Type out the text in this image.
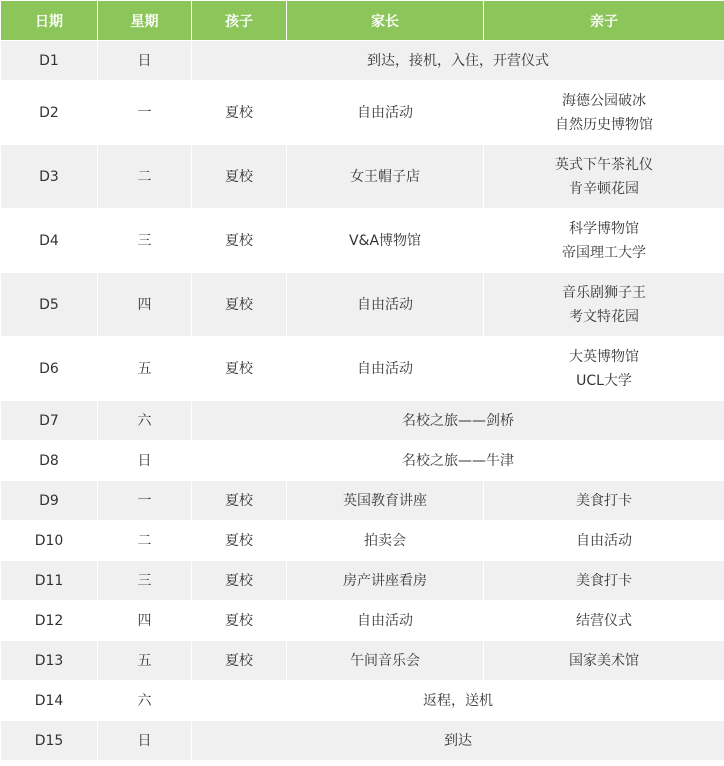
日期	星期	孩子	家长	亲子
D1	日	到达，接机，入住，开营仪式		
D2	一	夏校	自由活动	海德公园破冰
自然历史博物馆

D3	二	夏校	女王帽子店	英式下午茶礼仪
肯辛顿花园

D4	三	夏校	V&A博物馆	科学博物馆
帝国理工大学

D5	四	夏校	自由活动	音乐剧狮子王
考文特花园

D6	五	夏校	自由活动	大英博物馆
UCL大学

D7	六	名校之旅——剑桥		
D8	日	名校之旅——牛津		
D9	一	夏校	英国教育讲座	美食打卡

D10	二	夏校	拍卖会	自由活动

D11	三	夏校	房产讲座看房	美食打卡

D12	四	夏校	自由活动	结营仪式

D13	五	夏校	午间音乐会	国家美术馆

D14	六	返程，送机		
D15	日	到达		
